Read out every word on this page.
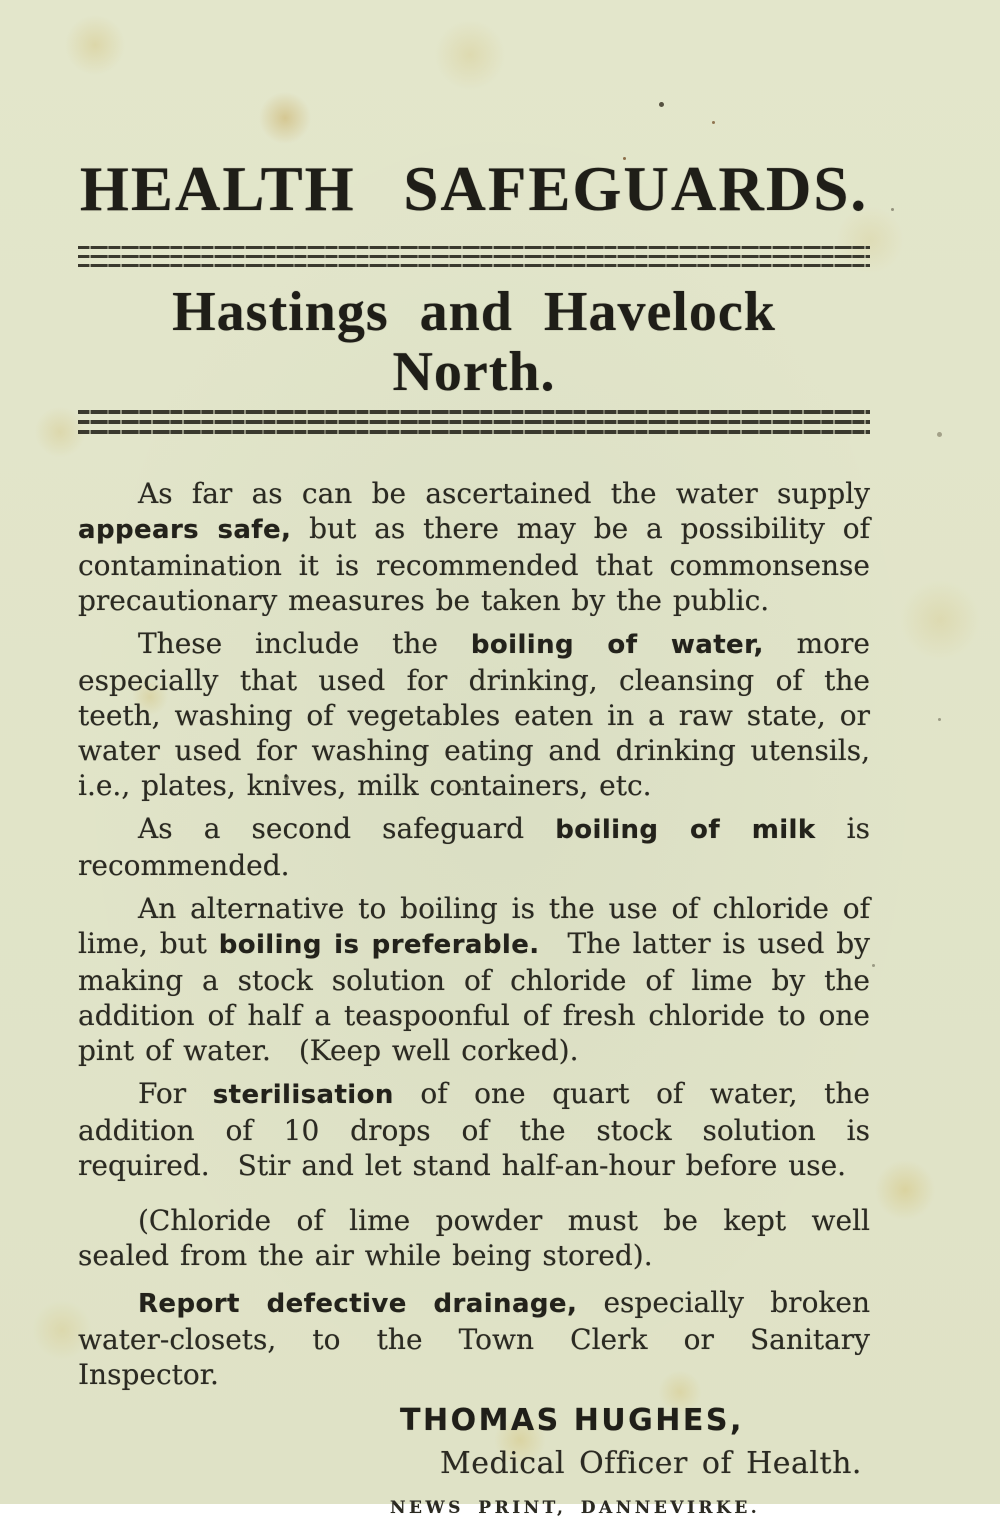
HEALTH SAFEGUARDS.
Hastings and Havelock North.

As far as can be ascertained the water supply appears safe, but as there may be a possibility of contamination it is recommended that commonsense precautionary measures be taken by the public.

These include the boiling of water, more especially that used for drinking, cleansing of the teeth, washing of vegetables eaten in a raw state, or water used for washing eating and drinking utensils, i.e., plates, knives, milk containers, etc.

As a second safeguard boiling of milk is recommended.

An alternative to boiling is the use of chloride of lime, but boiling is preferable. The latter is used by making a stock solution of chloride of lime by the addition of half a teaspoonful of fresh chloride to one pint of water. (Keep well corked).

For sterilisation of one quart of water, the addition of 10 drops of the stock solution is required. Stir and let stand half-an-hour before use.

(Chloride of lime powder must be kept well sealed from the air while being stored).

Report defective drainage, especially broken water-closets, to the Town Clerk or Sanitary Inspector.

THOMAS HUGHES,
Medical Officer of Health.
NEWS PRINT, DANNEVIRKE.
